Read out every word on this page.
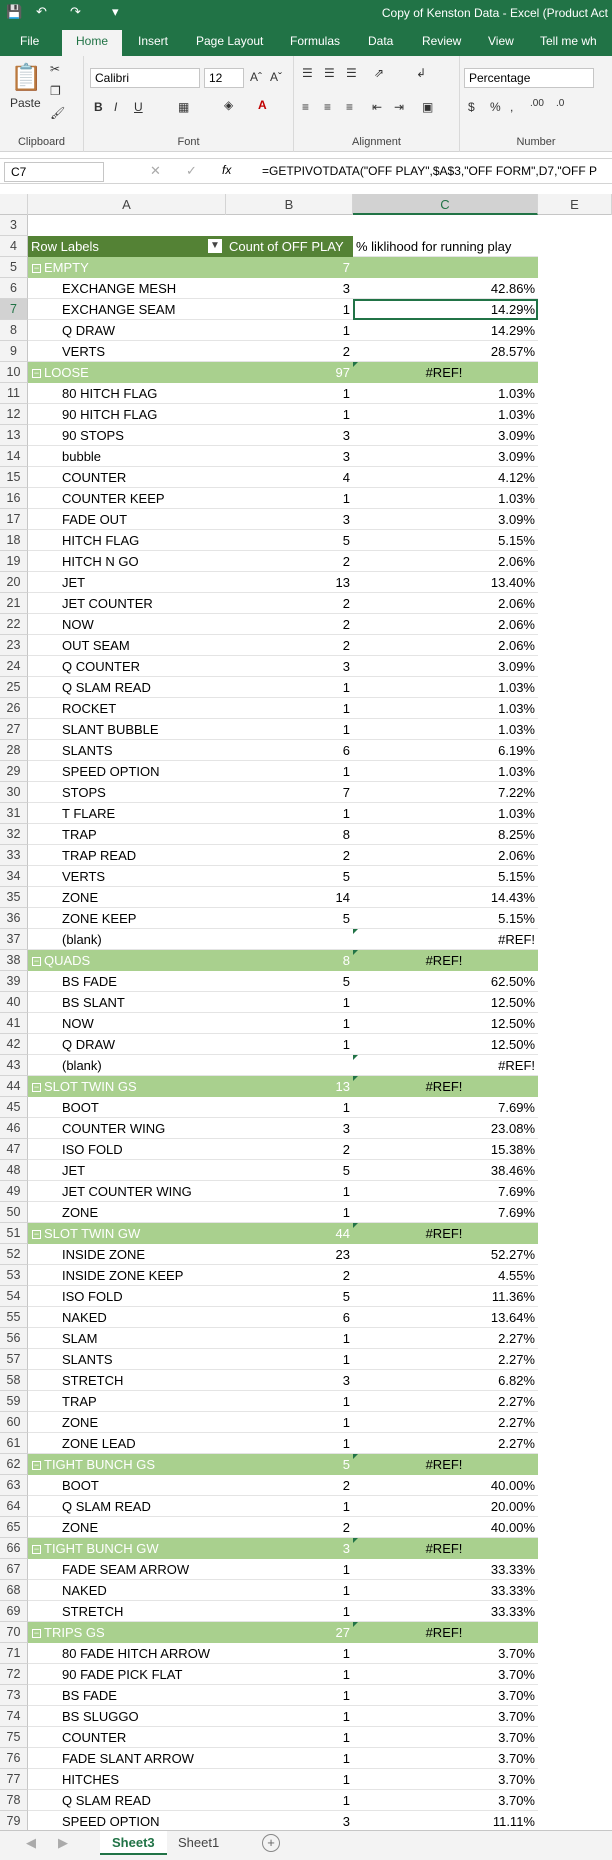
💾 ↶ ↷ ▾	Copy of Kenston Data - Excel (Product Act
File	Home	Insert Page Layout Formulas Data Review View Tell me wh
📋
Paste
✂
❐
🖌
Clipboard
Calibri	12	Aˆ Aˇ
B I U	▦	◈ A
Font
☰ ☰ ☰ ⇗	↲
≡ ≡ ≡ ⇤ ⇥ ▣
Alignment
Percentage
$ % , .00 .0
Number
C7	✕ ✓ fx	=GETPIVOTDATA("OFF PLAY",$A$3,"OFF FORM",D7,"OFF P
A	B	C	E
3
4	Row Labels	▼ Count of OFF PLAY % liklihood for running play
5	− EMPTY	7
6	EXCHANGE MESH	3	42.86%
7	EXCHANGE SEAM	1	14.29%
8	Q DRAW	1	14.29%
9	VERTS	2	28.57%
10	− LOOSE	97	#REF!
11	80 HITCH FLAG	1	1.03%
12	90 HITCH FLAG	1	1.03%
13	90 STOPS	3	3.09%
14	bubble	3	3.09%
15	COUNTER	4	4.12%
16	COUNTER KEEP	1	1.03%
17	FADE OUT	3	3.09%
18	HITCH FLAG	5	5.15%
19	HITCH N GO	2	2.06%
20	JET	13	13.40%
21	JET COUNTER	2	2.06%
22	NOW	2	2.06%
23	OUT SEAM	2	2.06%
24	Q COUNTER	3	3.09%
25	Q SLAM READ	1	1.03%
26	ROCKET	1	1.03%
27	SLANT BUBBLE	1	1.03%
28	SLANTS	6	6.19%
29	SPEED OPTION	1	1.03%
30	STOPS	7	7.22%
31	T FLARE	1	1.03%
32	TRAP	8	8.25%
33	TRAP READ	2	2.06%
34	VERTS	5	5.15%
35	ZONE	14	14.43%
36	ZONE KEEP	5	5.15%
37	(blank)	#REF!
38	− QUADS	8	#REF!
39	BS FADE	5	62.50%
40	BS SLANT	1	12.50%
41	NOW	1	12.50%
42	Q DRAW	1	12.50%
43	(blank)	#REF!
44	− SLOT TWIN GS	13	#REF!
45	BOOT	1	7.69%
46	COUNTER WING	3	23.08%
47	ISO FOLD	2	15.38%
48	JET	5	38.46%
49	JET COUNTER WING	1	7.69%
50	ZONE	1	7.69%
51	− SLOT TWIN GW	44	#REF!
52	INSIDE ZONE	23	52.27%
53	INSIDE ZONE KEEP	2	4.55%
54	ISO FOLD	5	11.36%
55	NAKED	6	13.64%
56	SLAM	1	2.27%
57	SLANTS	1	2.27%
58	STRETCH	3	6.82%
59	TRAP	1	2.27%
60	ZONE	1	2.27%
61	ZONE LEAD	1	2.27%
62	− TIGHT BUNCH GS	5	#REF!
63	BOOT	2	40.00%
64	Q SLAM READ	1	20.00%
65	ZONE	2	40.00%
66	− TIGHT BUNCH GW	3	#REF!
67	FADE SEAM ARROW	1	33.33%
68	NAKED	1	33.33%
69	STRETCH	1	33.33%
70	− TRIPS GS	27	#REF!
71	80 FADE HITCH ARROW	1	3.70%
72	90 FADE PICK FLAT	1	3.70%
73	BS FADE	1	3.70%
74	BS SLUGGO	1	3.70%
75	COUNTER	1	3.70%
76	FADE SLANT ARROW	1	3.70%
77	HITCHES	1	3.70%
78	Q SLAM READ	1	3.70%
79	SPEED OPTION	3	11.11%
◀ ▶	Sheet3	Sheet1	+
